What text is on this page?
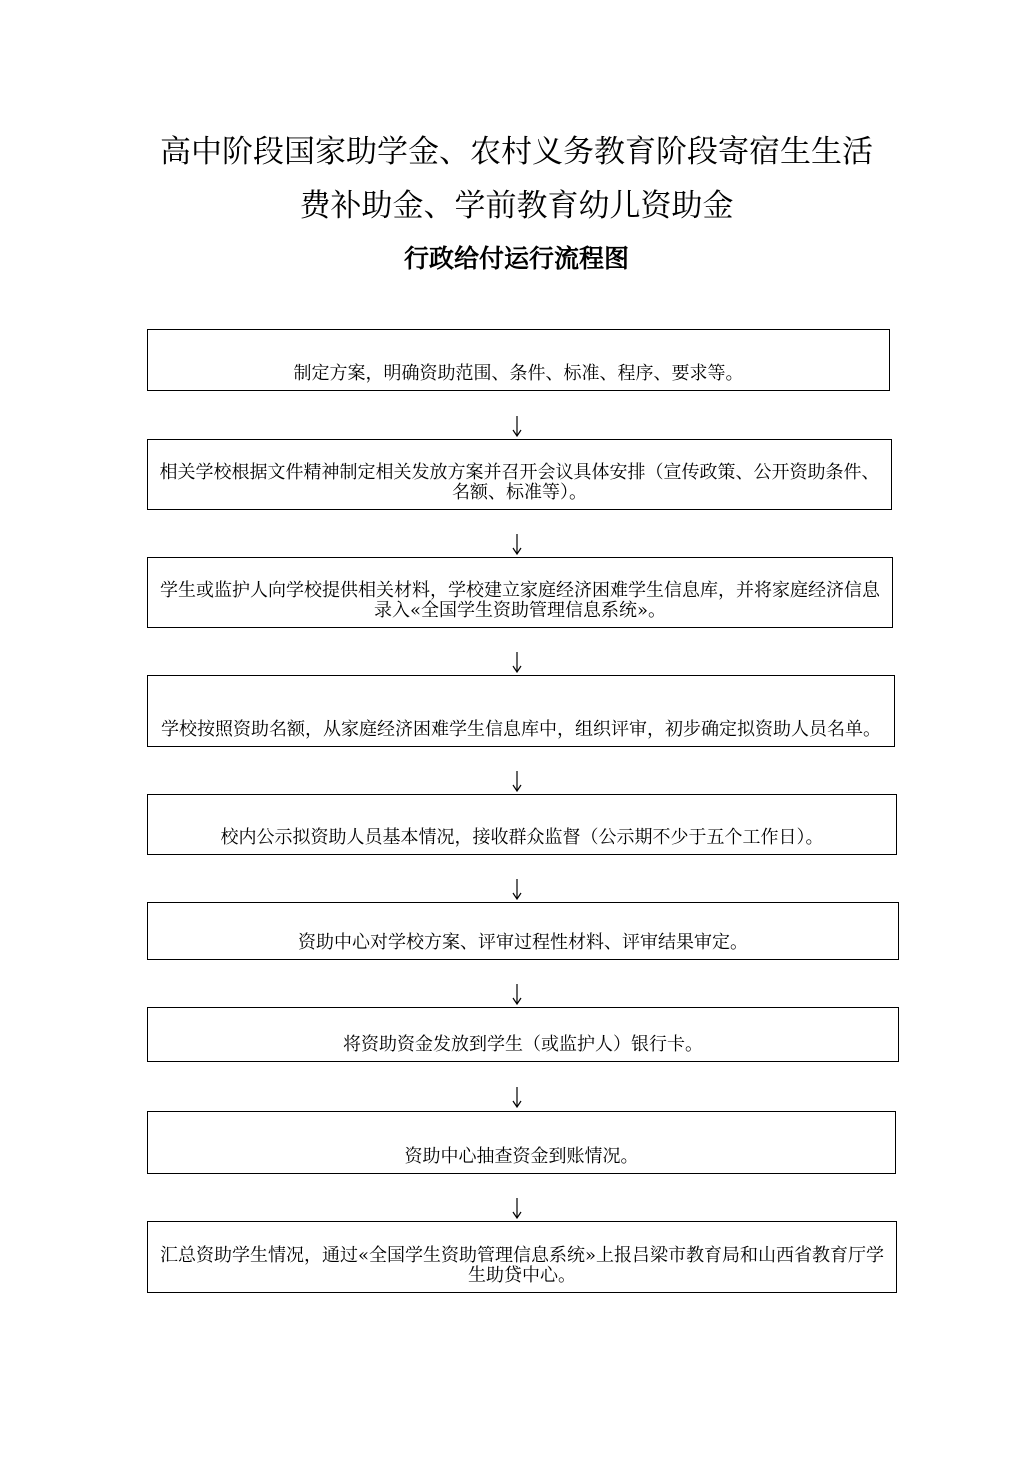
高中阶段国家助学金、农村义务教育阶段寄宿生生活
费补助金、学前教育幼儿资助金
行政给付运行流程图
制定方案，明确资助范围、条件、标准、程序、要求等。
相关学校根据文件精神制定相关发放方案并召开会议具体安排（宣传政策、公开资助条件、名额、标准等）。
学生或监护人向学校提供相关材料，学校建立家庭经济困难学生信息库，并将家庭经济信息录入«全国学生资助管理信息系统»。
学校按照资助名额，从家庭经济困难学生信息库中，组织评审，初步确定拟资助人员名单。
校内公示拟资助人员基本情况，接收群众监督（公示期不少于五个工作日）。
资助中心对学校方案、评审过程性材料、评审结果审定。
将资助资金发放到学生（或监护人）银行卡。
资助中心抽查资金到账情况。
汇总资助学生情况，通过«全国学生资助管理信息系统»上报吕梁市教育局和山西省教育厅学生助贷中心。
